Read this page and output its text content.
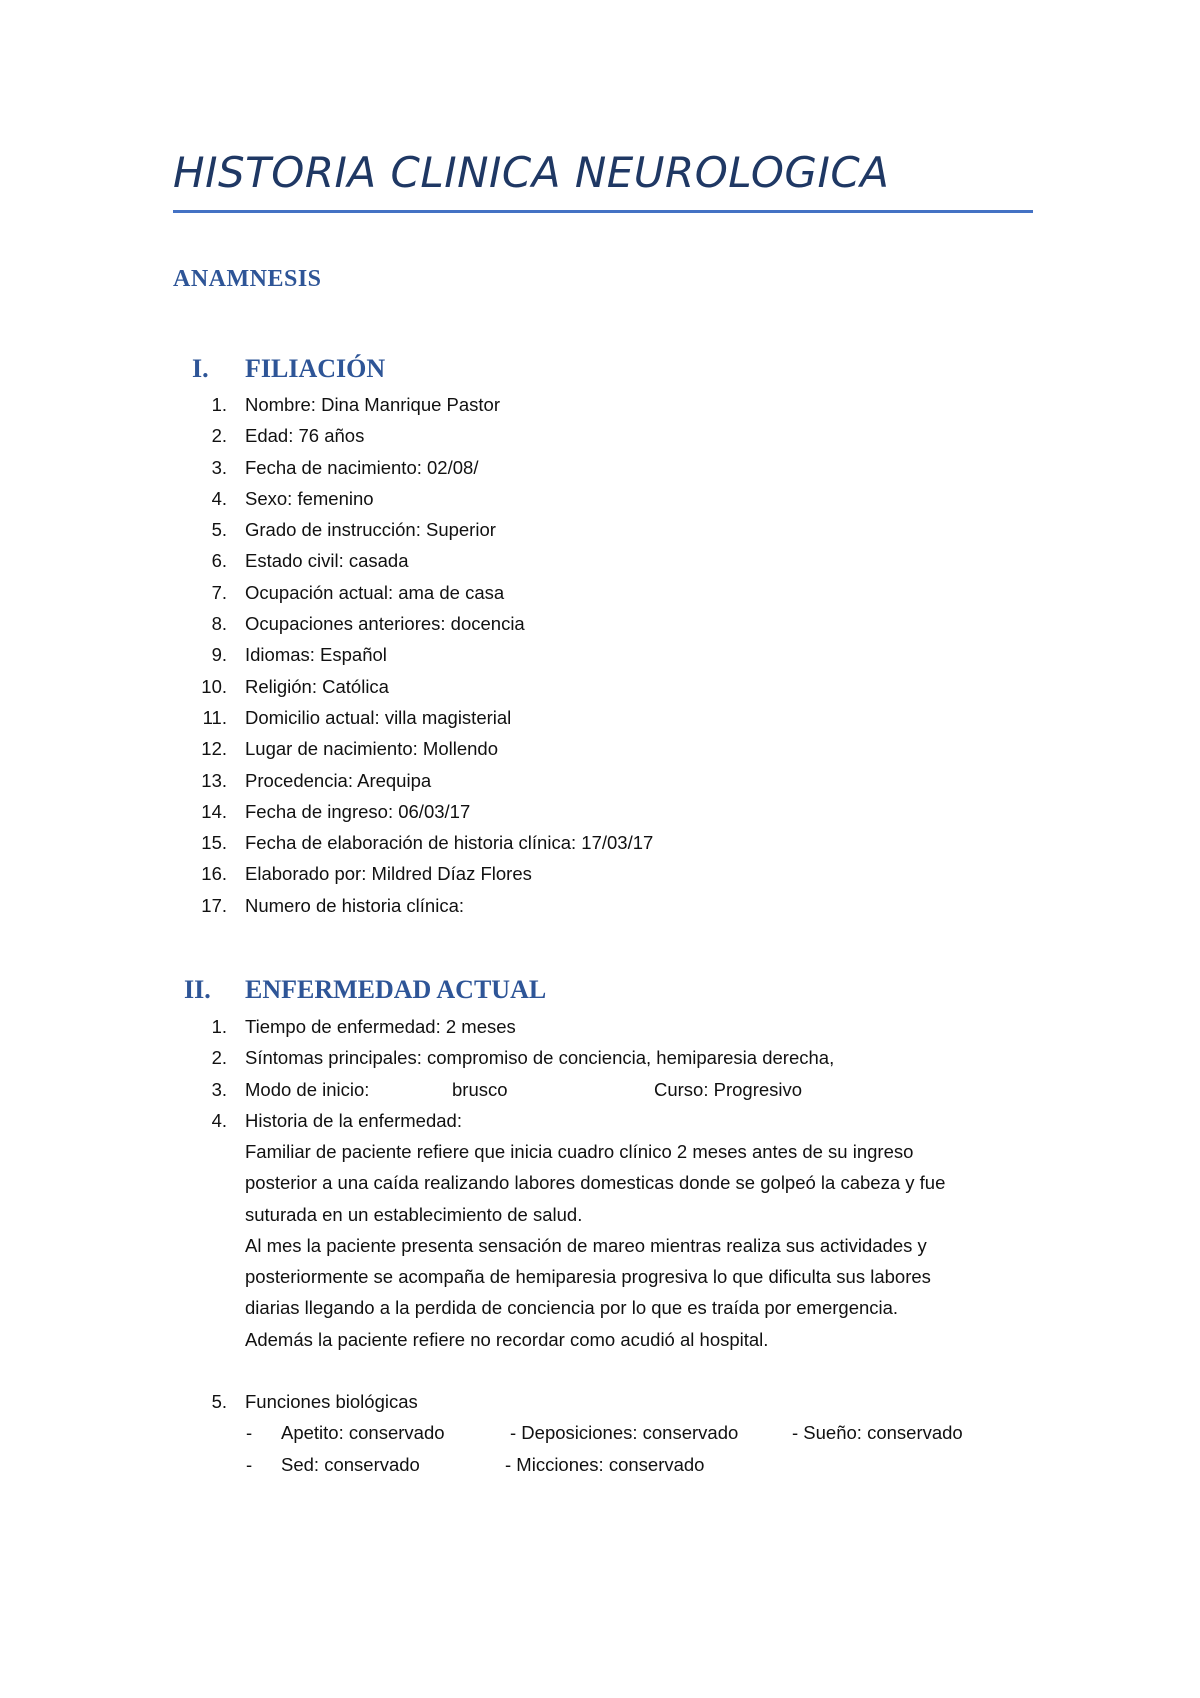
HISTORIA CLINICA NEUROLOGICA
ANAMNESIS
I. FILIACIÓN
1. Nombre: Dina Manrique Pastor
2. Edad: 76 años
3. Fecha de nacimiento: 02/08/
4. Sexo: femenino
5. Grado de instrucción: Superior
6. Estado civil: casada
7. Ocupación actual: ama de casa
8. Ocupaciones anteriores: docencia
9. Idiomas: Español
10. Religión: Católica
11. Domicilio actual: villa magisterial
12. Lugar de nacimiento: Mollendo
13. Procedencia: Arequipa
14. Fecha de ingreso: 06/03/17
15. Fecha de elaboración de historia clínica: 17/03/17
16. Elaborado por: Mildred Díaz Flores
17. Numero de historia clínica:
II. ENFERMEDAD ACTUAL
1. Tiempo de enfermedad: 2 meses
2. Síntomas principales: compromiso de conciencia, hemiparesia derecha,
3. Modo de inicio:	brusco	Curso: Progresivo
4. Historia de la enfermedad:
Familiar de paciente refiere que inicia cuadro clínico 2 meses antes de su ingreso
posterior a una caída realizando labores domesticas donde se golpeó la cabeza y fue
suturada en un establecimiento de salud.
Al mes la paciente presenta sensación de mareo mientras realiza sus actividades y
posteriormente se acompaña de hemiparesia progresiva lo que dificulta sus labores
diarias llegando a la perdida de conciencia por lo que es traída por emergencia.
Además la paciente refiere no recordar como acudió al hospital.
5. Funciones biológicas
- Apetito: conservado	- Deposiciones: conservado	- Sueño: conservado
- Sed: conservado	- Micciones: conservado
